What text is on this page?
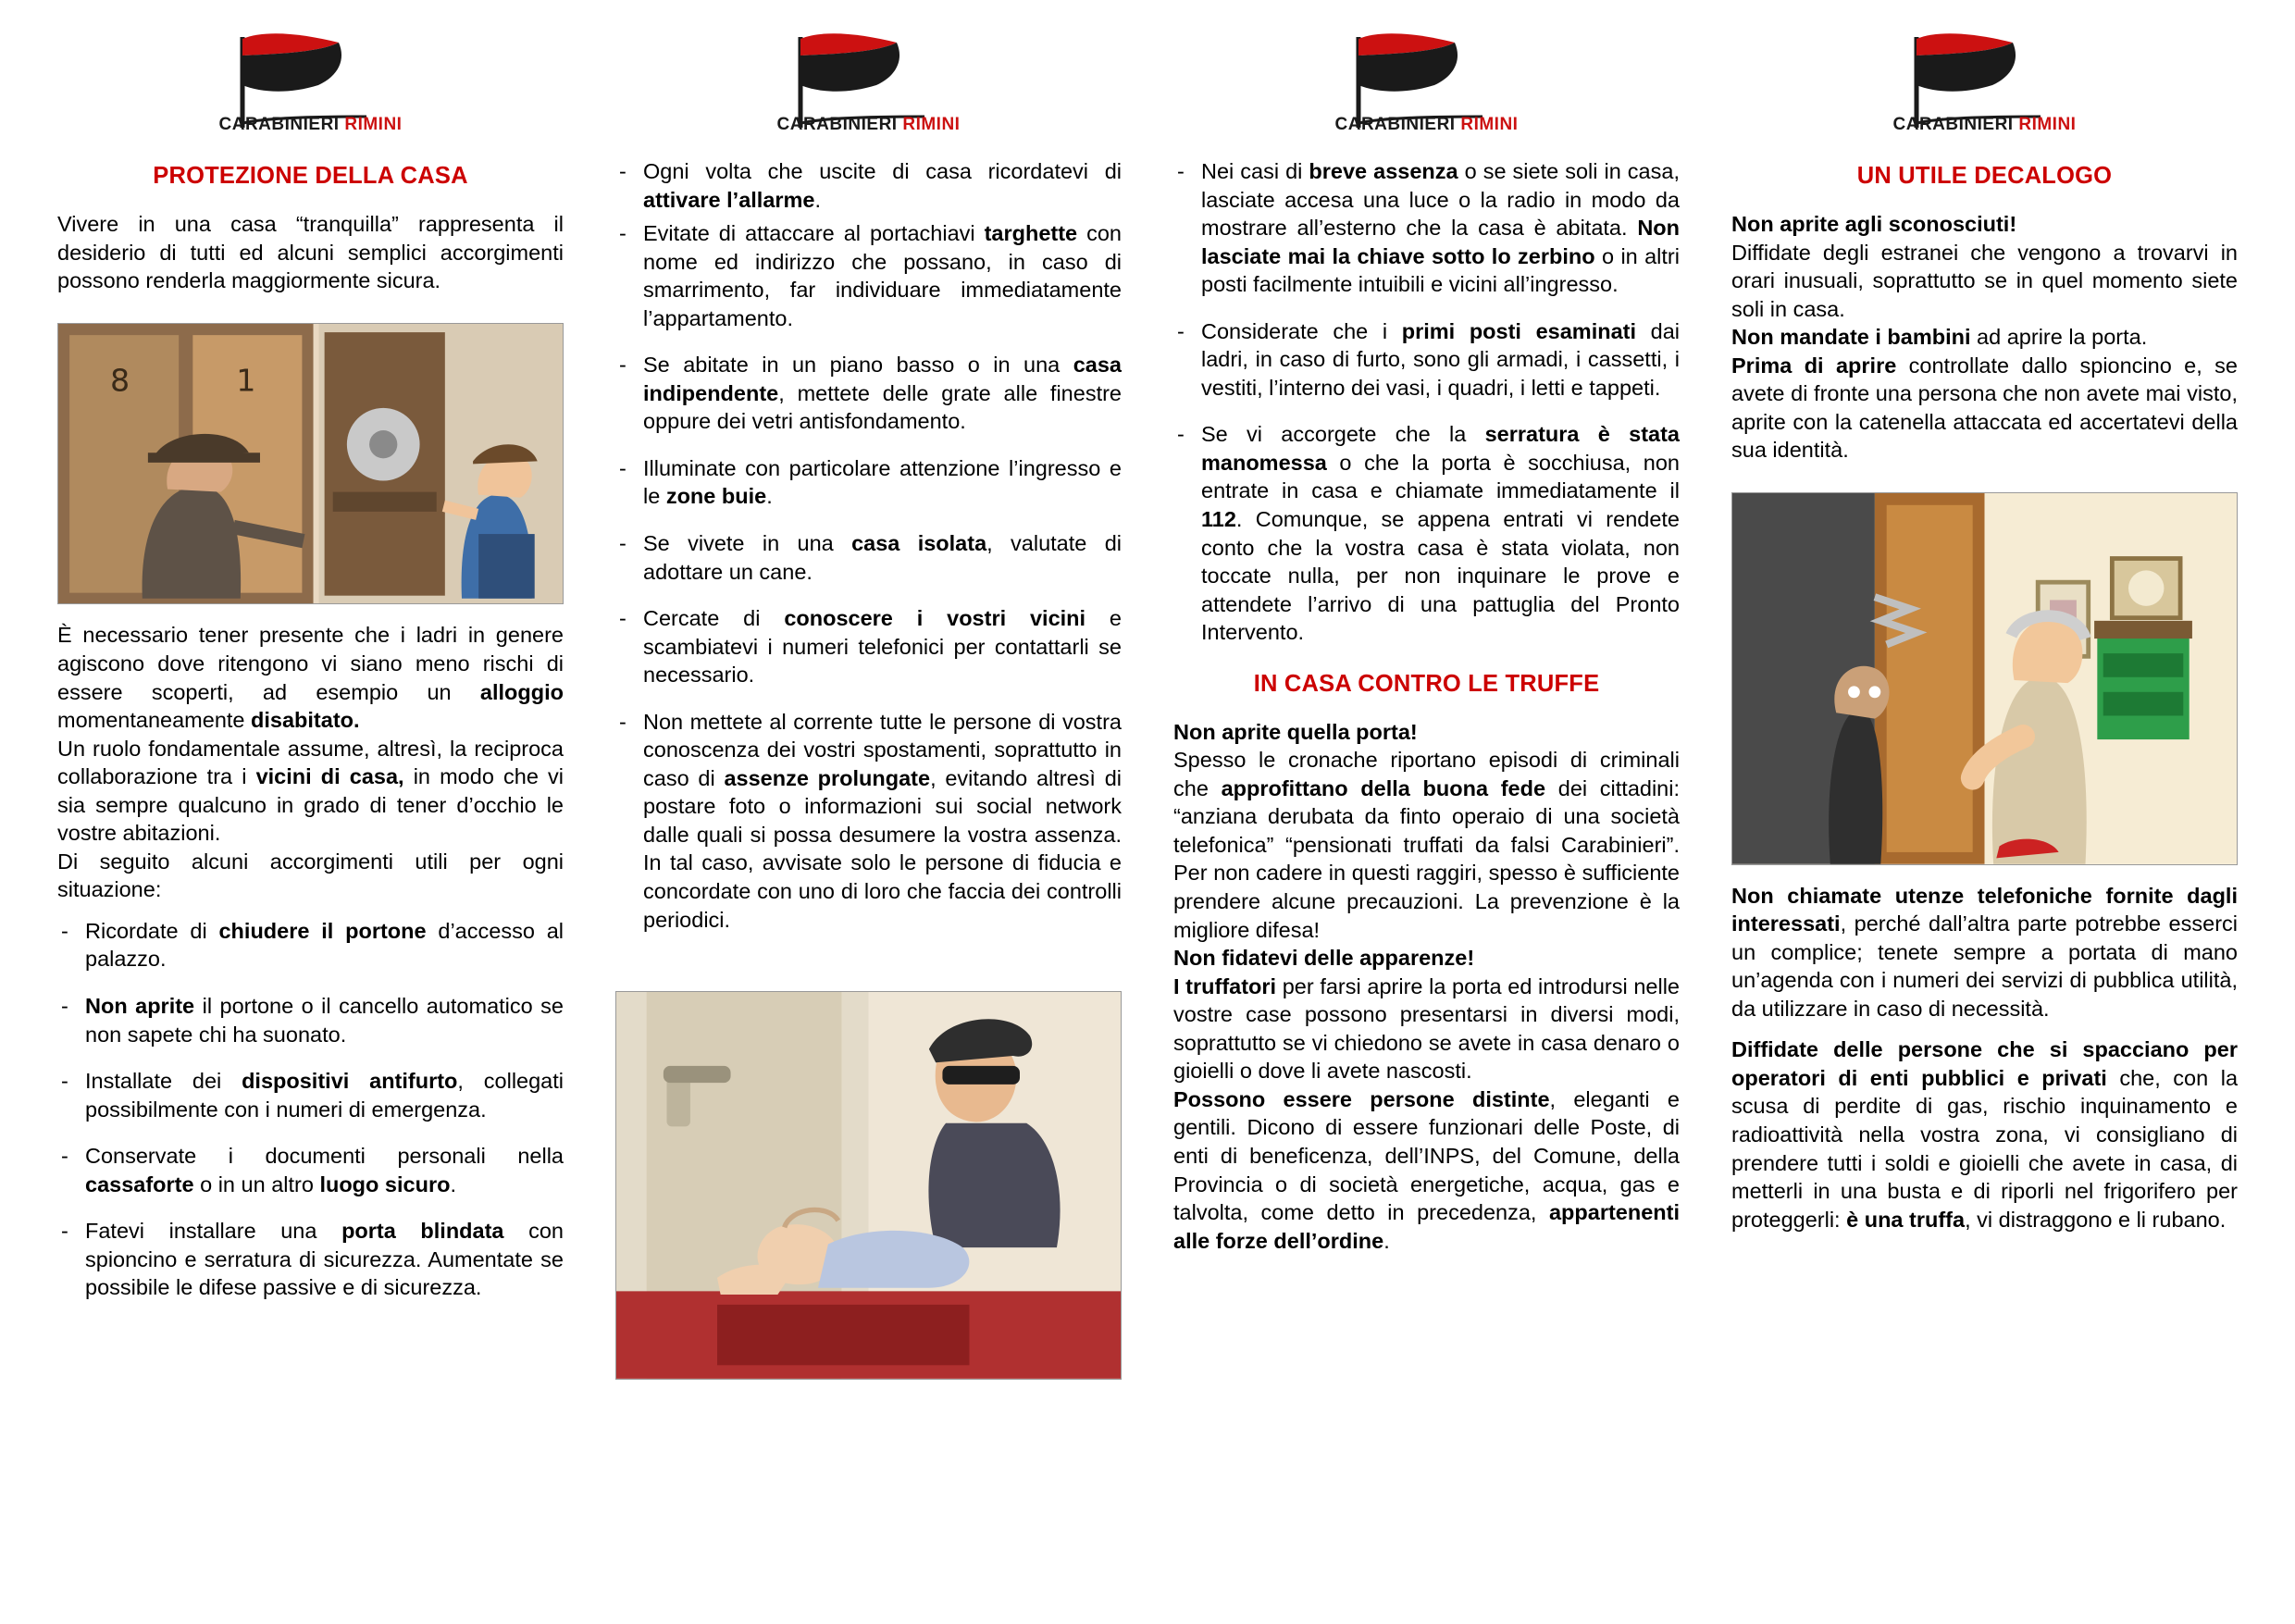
CARABINIERI RIMINI
PROTEZIONE DELLA CASA

Vivere in una casa “tranquilla” rappresenta il desiderio di tutti ed alcuni semplici accorgimenti possono renderla maggiormente sicura.

8	1

È necessario tener presente che i ladri in genere agiscono dove ritengono vi siano meno rischi di essere scoperti, ad esempio un alloggio momentaneamente disabitato.

Un ruolo fondamentale assume, altresì, la reciproca collaborazione tra i vicini di casa, in modo che vi sia sempre qualcuno in grado di tener d’occhio le vostre abitazioni.

Di seguito alcuni accorgimenti utili per ogni situazione:

- Ricordate di chiudere il portone d’accesso al palazzo.
- Non aprite il portone o il cancello automatico se non sapete chi ha suonato.
- Installate dei dispositivi antifurto, collegati possibilmente con i numeri di emergenza.
- Conservate i documenti personali nella cassaforte o in un altro luogo sicuro.
- Fatevi installare una porta blindata con spioncino e serratura di sicurezza. Aumentate se possibile le difese passive e di sicurezza.
CARABINIERI RIMINI
- Ogni volta che uscite di casa ricordatevi di attivare l’allarme.
- Evitate di attaccare al portachiavi targhette con nome ed indirizzo che possano, in caso di smarrimento, far individuare immediatamente l’appartamento.
- Se abitate in un piano basso o in una casa indipendente, mettete delle grate alle finestre oppure dei vetri antisfondamento.
- Illuminate con particolare attenzione l’ingresso e le zone buie.
- Se vivete in una casa isolata, valutate di adottare un cane.
- Cercate di conoscere i vostri vicini e scambiatevi i numeri telefonici per contattarli se necessario.
- Non mettete al corrente tutte le persone di vostra conoscenza dei vostri spostamenti, soprattutto in caso di assenze prolungate, evitando altresì di postare foto o informazioni sui social network dalle quali si possa desumere la vostra assenza. In tal caso, avvisate solo le persone di fiducia e concordate con uno di loro che faccia dei controlli periodici.
CARABINIERI RIMINI
- Nei casi di breve assenza o se siete soli in casa, lasciate accesa una luce o la radio in modo da mostrare all’esterno che la casa è abitata. Non lasciate mai la chiave sotto lo zerbino o in altri posti facilmente intuibili e vicini all’ingresso.
- Considerate che i primi posti esaminati dai ladri, in caso di furto, sono gli armadi, i cassetti, i vestiti, l’interno dei vasi, i quadri, i letti e tappeti.
- Se vi accorgete che la serratura è stata manomessa o che la porta è socchiusa, non entrate in casa e chiamate immediatamente il 112. Comunque, se appena entrati vi rendete conto che la vostra casa è stata violata, non toccate nulla, per non inquinare le prove e attendete l’arrivo di una pattuglia del Pronto Intervento.
IN CASA CONTRO LE TRUFFE

Non aprite quella porta!

Spesso le cronache riportano episodi di criminali che approfittano della buona fede dei cittadini: “anziana derubata da finto operaio di una società telefonica” “pensionati truffati da falsi Carabinieri”. Per non cadere in questi raggiri, spesso è sufficiente prendere alcune precauzioni. La prevenzione è la migliore difesa!

Non fidatevi delle apparenze!

I truffatori per farsi aprire la porta ed introdursi nelle vostre case possono presentarsi in diversi modi, soprattutto se vi chiedono se avete in casa denaro o gioielli o dove li avete nascosti.

Possono essere persone distinte, eleganti e gentili. Dicono di essere funzionari delle Poste, di enti di beneficenza, dell’INPS, del Comune, della Provincia o di società energetiche, acqua, gas e talvolta, come detto in precedenza, appartenenti alle forze dell’ordine.

CARABINIERI RIMINI
UN UTILE DECALOGO

Non aprite agli sconosciuti!

Diffidate degli estranei che vengono a trovarvi in orari inusuali, soprattutto se in quel momento siete soli in casa.

Non mandate i bambini ad aprire la porta.

Prima di aprire controllate dallo spioncino e, se avete di fronte una persona che non avete mai visto, aprite con la catenella attaccata ed accertatevi della sua identità.

Non chiamate utenze telefoniche fornite dagli interessati, perché dall’altra parte potrebbe esserci un complice; tenete sempre a portata di mano un’agenda con i numeri dei servizi di pubblica utilità, da utilizzare in caso di necessità.

Diffidate delle persone che si spacciano per operatori di enti pubblici e privati che, con la scusa di perdite di gas, rischio inquinamento e radioattività nella vostra zona, vi consigliano di prendere tutti i soldi e gioielli che avete in casa, di metterli in una busta e di riporli nel frigorifero per proteggerli: è una truffa, vi distraggono e li rubano.
